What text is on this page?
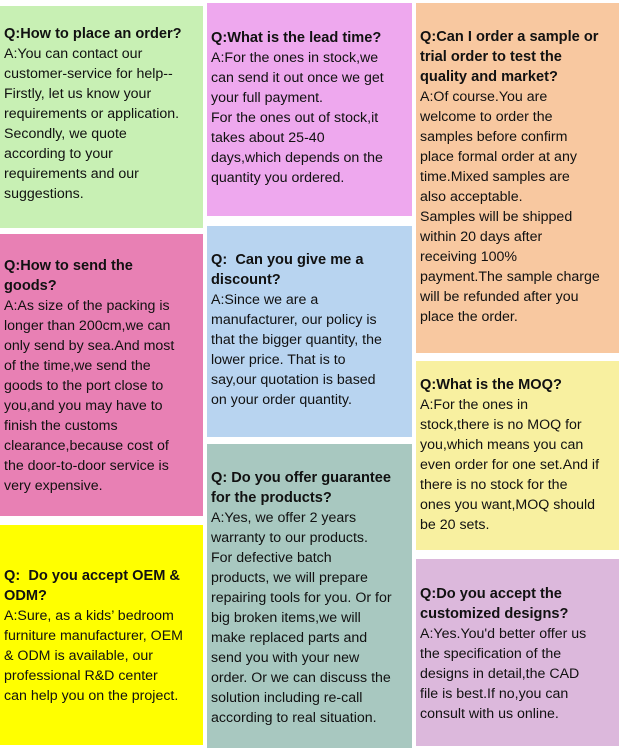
Q:How to place an order?
A:You can contact our
customer-service for help--
Firstly, let us know your
requirements or application.
Secondly, we quote
according to your
requirements and our
suggestions.
Q:What is the lead time?
A:For the ones in stock,we
can send it out once we get
your full payment.
For the ones out of stock,it
takes about 25-40
days,which depends on the
quantity you ordered.
Q:Can I order a sample or
trial order to test the
quality and market?
A:Of course.You are
welcome to order the
samples before confirm
place formal order at any
time.Mixed samples are
also acceptable.
Samples will be shipped
within 20 days after
receiving 100%
payment.The sample charge
will be refunded after you
place the order.
Q:How to send the
goods?
A:As size of the packing is
longer than 200cm,we can
only send by sea.And most
of the time,we send the
goods to the port close to
you,and you may have to
finish the customs
clearance,because cost of
the door-to-door service is
very expensive.
Q:  Can you give me a
discount?
A:Since we are a
manufacturer, our policy is
that the bigger quantity, the
lower price. That is to
say,our quotation is based
on your order quantity.
Q:What is the MOQ?
A:For the ones in
stock,there is no MOQ for
you,which means you can
even order for one set.And if
there is no stock for the
ones you want,MOQ should
be 20 sets.
Q: Do you offer guarantee
for the products?
A:Yes, we offer 2 years
warranty to our products.
For defective batch
products, we will prepare
repairing tools for you. Or for
big broken items,we will
make replaced parts and
send you with your new
order. Or we can discuss the
solution including re-call
according to real situation.
Q:  Do you accept OEM &
ODM?
A:Sure, as a kids’ bedroom
furniture manufacturer, OEM
& ODM is available, our
professional R&D center
can help you on the project.
Q:Do you accept the
customized designs?
A:Yes.You'd better offer us
the specification of the
designs in detail,the CAD
file is best.If no,you can
consult with us online.
